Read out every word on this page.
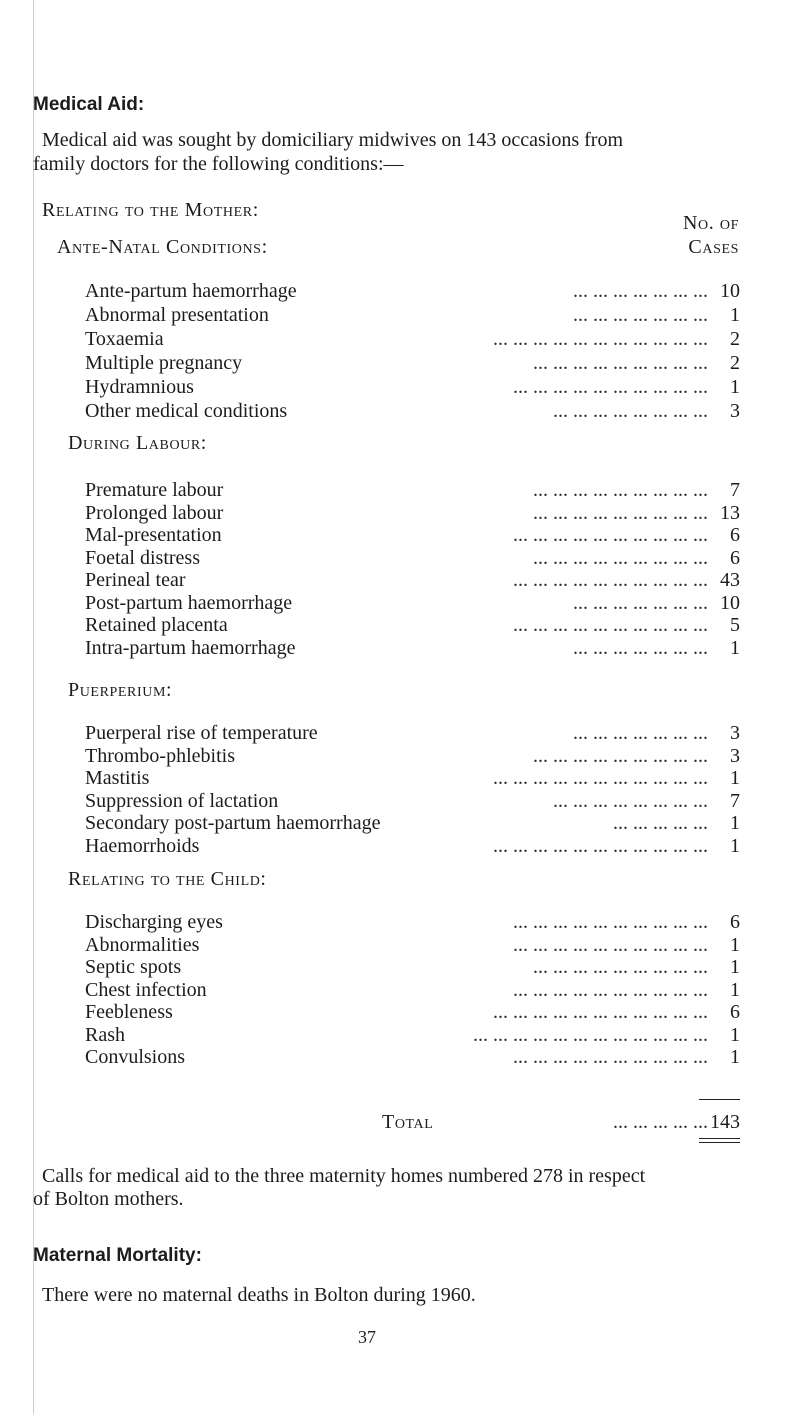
Medical Aid:
Medical aid was sought by domiciliary midwives on 143 occasions from
family doctors for the following conditions:—
Relating to the Mother:
No. of
Cases
Ante-Natal Conditions:
Ante-partum haemorrhage	... ... ... ... ... ... ... 10
Abnormal presentation	... ... ... ... ... ... ...	1
Toxaemia	... ... ... ... ... ... ... ... ... ... ...	2
Multiple pregnancy	... ... ... ... ... ... ... ... ...	2
Hydramnious	... ... ... ... ... ... ... ... ... ...	1
Other medical conditions	... ... ... ... ... ... ... ...	3
During Labour:
Premature labour	... ... ... ... ... ... ... ... ...	7
Prolonged labour	... ... ... ... ... ... ... ... ... 13
Mal-presentation	... ... ... ... ... ... ... ... ... ...	6
Foetal distress	... ... ... ... ... ... ... ... ...	6
Perineal tear	... ... ... ... ... ... ... ... ... ... 43
Post-partum haemorrhage	... ... ... ... ... ... ... 10
Retained placenta	... ... ... ... ... ... ... ... ... ...	5
Intra-partum haemorrhage	... ... ... ... ... ... ...	1
Puerperium:
Puerperal rise of temperature	... ... ... ... ... ... ...	3
Thrombo-phlebitis	... ... ... ... ... ... ... ... ...	3
Mastitis	... ... ... ... ... ... ... ... ... ... ...	1
Suppression of lactation	... ... ... ... ... ... ... ...	7
Secondary post-partum haemorrhage	... ... ... ... ...	1
Haemorrhoids	... ... ... ... ... ... ... ... ... ... ...	1
Relating to the Child:
Discharging eyes	... ... ... ... ... ... ... ... ... ...	6
Abnormalities	... ... ... ... ... ... ... ... ... ...	1
Septic spots	... ... ... ... ... ... ... ... ...	1
Chest infection	... ... ... ... ... ... ... ... ... ...	1
Feebleness	... ... ... ... ... ... ... ... ... ... ...	6
Rash	... ... ... ... ... ... ... ... ... ... ... ...	1
Convulsions	... ... ... ... ... ... ... ... ... ...	1
Total	... ... ... ... ... 143
Calls for medical aid to the three maternity homes numbered 278 in respect
of Bolton mothers.
Maternal Mortality:
There were no maternal deaths in Bolton during 1960.
37
